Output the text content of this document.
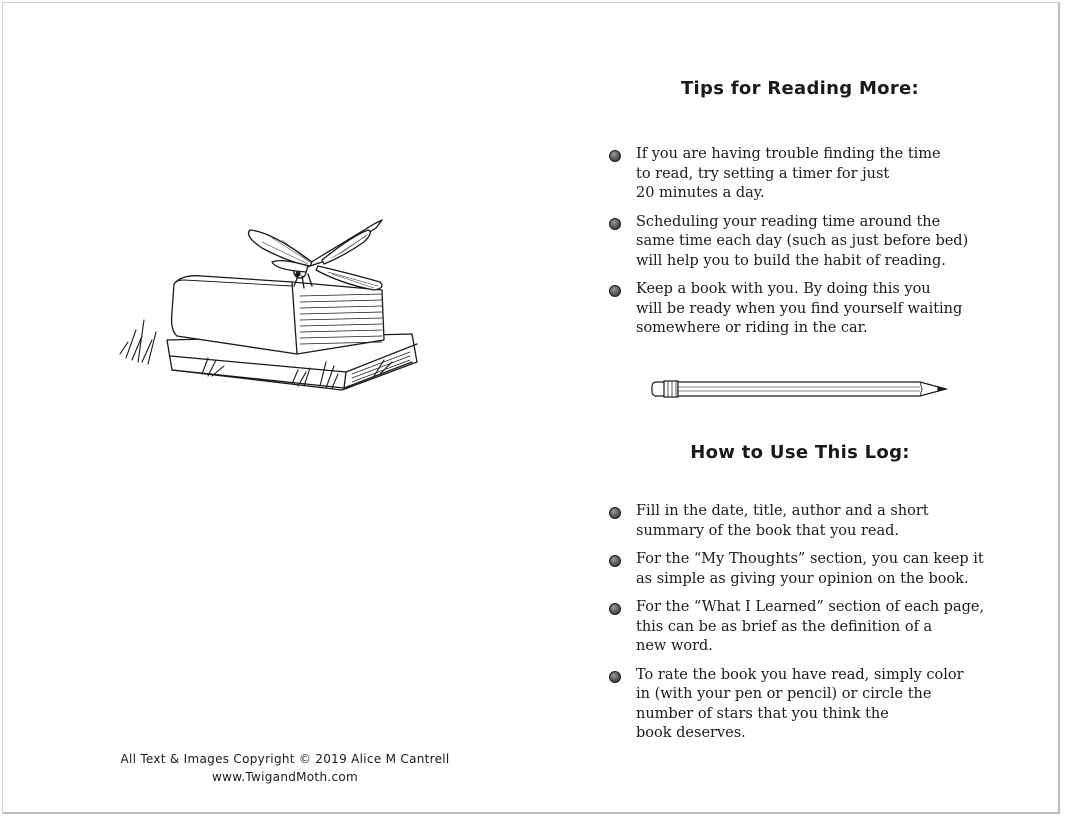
All Text & Images Copyright © 2019 Alice M Cantrell
www.TwigandMoth.com
Tips for Reading More:
If you are having trouble finding the time
to read, try setting a timer for just
20 minutes a day.
Scheduling your reading time around the
same time each day (such as just before bed)
will help you to build the habit of reading.
Keep a book with you. By doing this you
will be ready when you find yourself waiting
somewhere or riding in the car.
How to Use This Log:
Fill in the date, title, author and a short
summary of the book that you read.
For the “My Thoughts” section, you can keep it
as simple as giving your opinion on the book.
For the “What I Learned” section of each page,
this can be as brief as the definition of a
new word.
To rate the book you have read, simply color
in (with your pen or pencil) or circle the
number of stars that you think the
book deserves.
